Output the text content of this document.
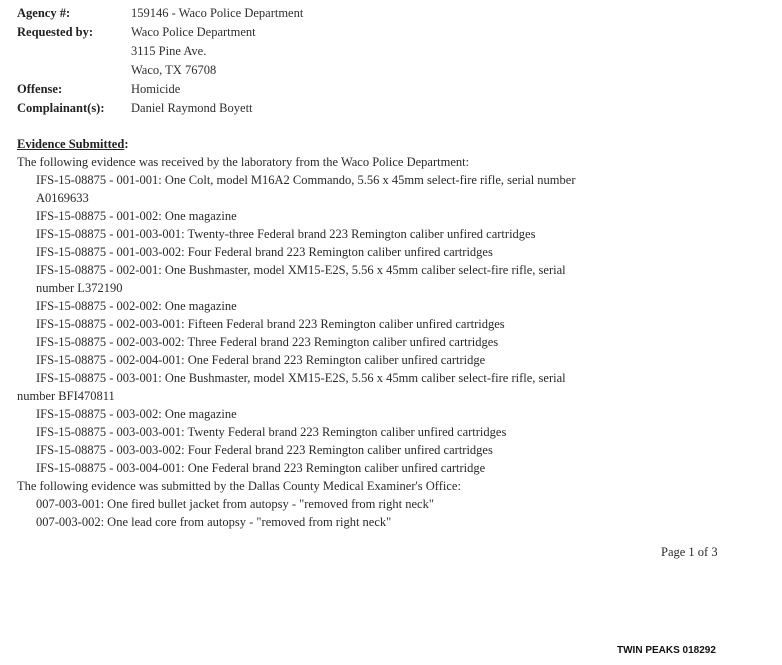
Agency #:	159146 - Waco Police Department
Requested by:	Waco Police Department
3115 Pine Ave.
Waco, TX 76708
Offense:	Homicide
Complainant(s): Daniel Raymond Boyett
Evidence Submitted:
The following evidence was received by the laboratory from the Waco Police Department:
IFS-15-08875 - 001-001: One Colt, model M16A2 Commando, 5.56 x 45mm select-fire rifle, serial number
A0169633
IFS-15-08875 - 001-002: One magazine
IFS-15-08875 - 001-003-001: Twenty-three Federal brand 223 Remington caliber unfired cartridges
IFS-15-08875 - 001-003-002: Four Federal brand 223 Remington caliber unfired cartridges
IFS-15-08875 - 002-001: One Bushmaster, model XM15-E2S, 5.56 x 45mm caliber select-fire rifle, serial
number L372190
IFS-15-08875 - 002-002: One magazine
IFS-15-08875 - 002-003-001: Fifteen Federal brand 223 Remington caliber unfired cartridges
IFS-15-08875 - 002-003-002: Three Federal brand 223 Remington caliber unfired cartridges
IFS-15-08875 - 002-004-001: One Federal brand 223 Remington caliber unfired cartridge
IFS-15-08875 - 003-001: One Bushmaster, model XM15-E2S, 5.56 x 45mm caliber select-fire rifle, serial
number BFI470811
IFS-15-08875 - 003-002: One magazine
IFS-15-08875 - 003-003-001: Twenty Federal brand 223 Remington caliber unfired cartridges
IFS-15-08875 - 003-003-002: Four Federal brand 223 Remington caliber unfired cartridges
IFS-15-08875 - 003-004-001: One Federal brand 223 Remington caliber unfired cartridge
The following evidence was submitted by the Dallas County Medical Examiner's Office:
007-003-001: One fired bullet jacket from autopsy - "removed from right neck"
007-003-002: One lead core from autopsy - "removed from right neck"
Page 1 of 3
TWIN PEAKS 018292
